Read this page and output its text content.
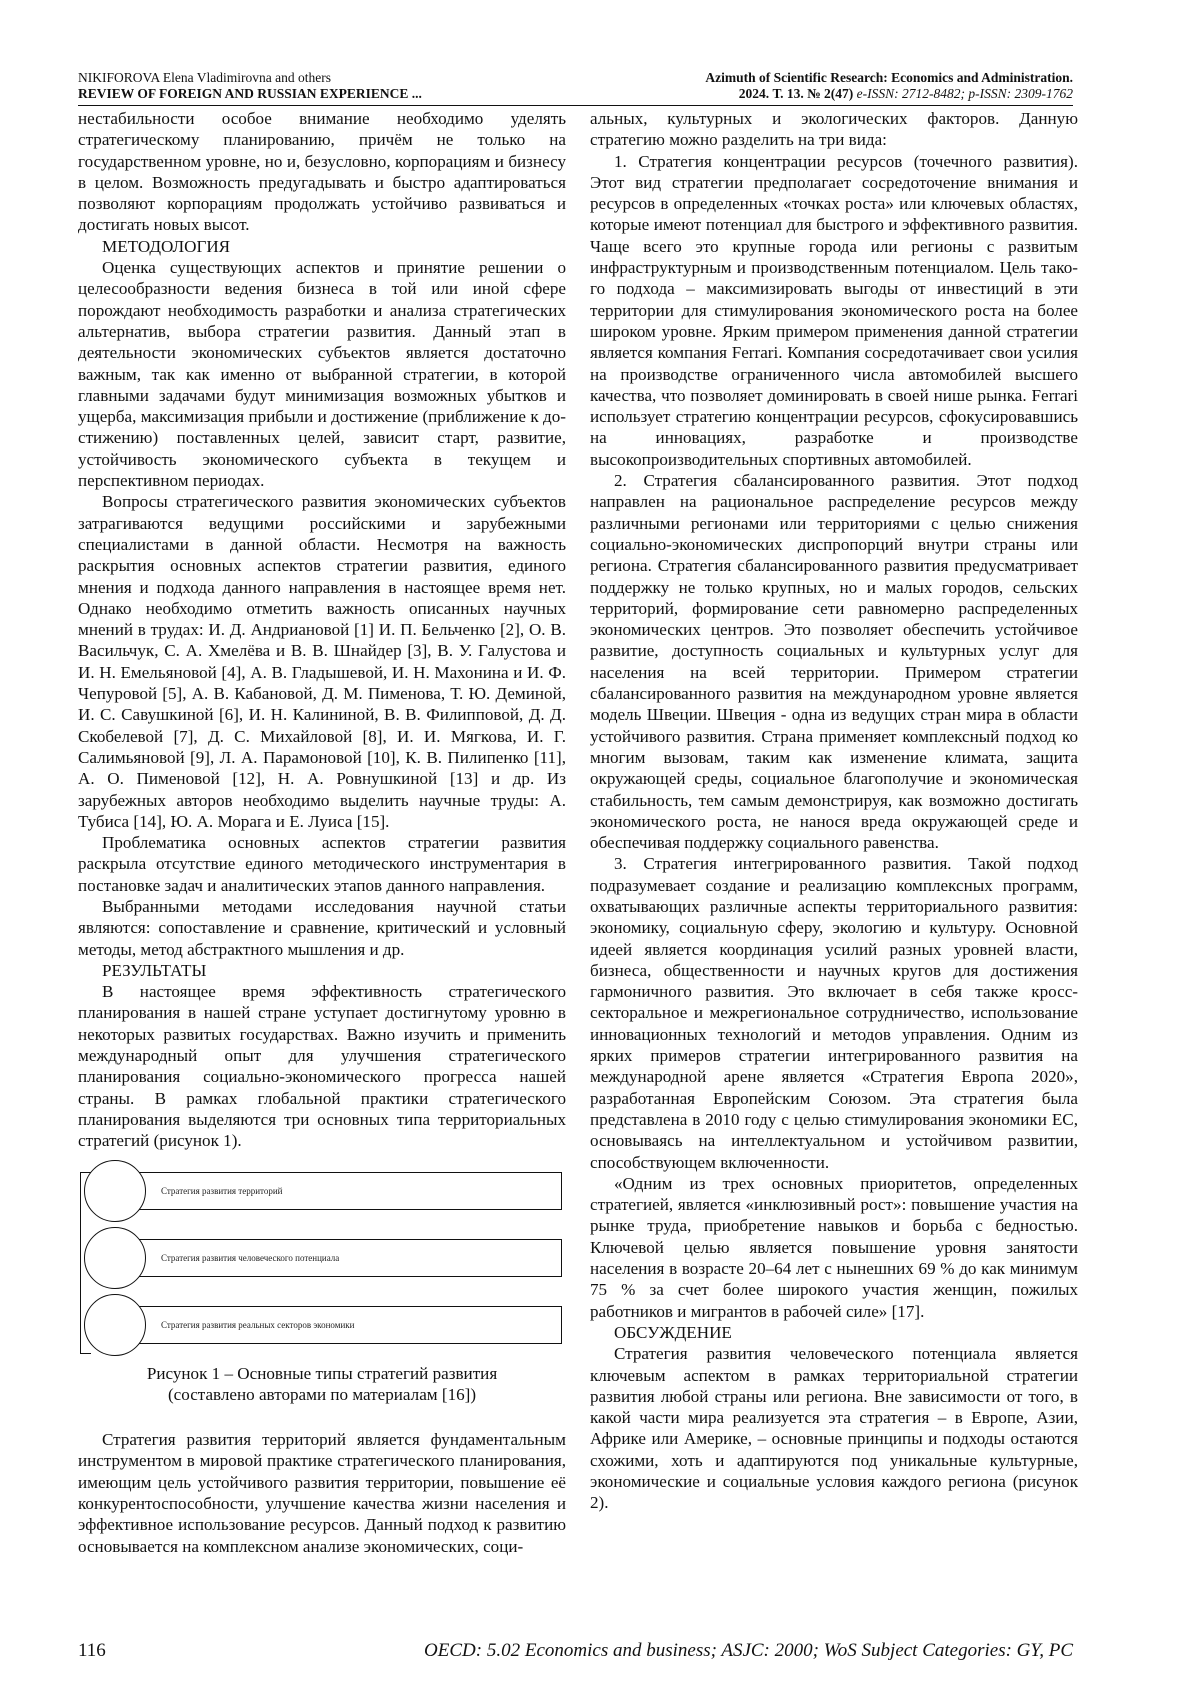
NIKIFOROVA Elena Vladimirovna and others
REVIEW OF FOREIGN AND RUSSIAN EXPERIENCE ...
Azimuth of Scientific Research: Economics and Administration.
2024. Т. 13. № 2(47) e-ISSN: 2712-8482; p-ISSN: 2309-1762

нестабильности особое внимание необходимо уделять стратегическому планированию, причём не только на государственном уровне, но и, безусловно, корпорациям и бизнесу в целом. Возможность предугадывать и быстро адаптироваться позволяют корпорациям продолжать устойчиво развиваться и достигать новых высот.

МЕТОДОЛОГИЯ

Оценка существующих аспектов и принятие решении о целесообразности ведения бизнеса в той или иной сфере порождают необходимость разработки и анализа стратегических альтернатив, выбора стратегии развития. Данный этап в деятельности экономических субъектов является достаточно важным, так как именно от выбранной стратегии, в которой главными задачами будут минимизация возможных убытков и ущерба, максимизация прибыли и достижение (приближение к достижению) поставленных целей, зависит старт, развитие, устойчивость экономического субъекта в текущем и перспективном периодах.

Вопросы стратегического развития экономических субъектов затрагиваются ведущими российскими и зарубежными специалистами в данной области. Несмотря на важность раскрытия основных аспектов стратегии развития, единого мнения и подхода данного направления в настоящее время нет. Однако необходимо отметить важность описанных научных мнений в трудах: И. Д. Андриановой [1] И. П. Бельченко [2], О. В. Васильчук, С. А. Хмелёва и В. В. Шнайдер [3], В. У. Галустова и И. Н. Емельяновой [4], А. В. Гладышевой, И. Н. Махонина и И. Ф. Чепуровой [5], А. В. Кабановой, Д. М. Пименова, Т. Ю. Деминой, И. С. Савушкиной [6], И. Н. Калининой, В. В. Филипповой, Д. Д. Скобелевой [7], Д. С. Михайловой [8], И. И. Мягкова, И. Г. Салимьяновой [9], Л. А. Парамоновой [10], К. В. Пилипенко [11], А. О. Пименовой [12], Н. А. Ровнушкиной [13] и др. Из зарубежных авторов необходимо выделить научные труды: А. Тубиса [14], Ю. А. Морага и Е. Луиса [15].

Проблематика основных аспектов стратегии развития раскрыла отсутствие единого методического инструментария в постановке задач и аналитических этапов данного направления.

Выбранными методами исследования научной статьи являются: сопоставление и сравнение, критический и условный методы, метод абстрактного мышления и др.

РЕЗУЛЬТАТЫ

В настоящее время эффективность стратегического планирования в нашей стране уступает достигнутому уровню в некоторых развитых государствах. Важно изучить и применить международный опыт для улучшения стратегического планирования социально-экономического прогресса нашей страны. В рамках глобальной практики стратегического планирования выделяются три основных типа территориальных стратегий (рисунок 1).

Стратегия развития территорий
Стратегия развития человеческого потенциала
Стратегия развития реальных секторов экономики

Рисунок 1 – Основные типы стратегий развития

(составлено авторами по материалам [16])

Стратегия развития территорий является фундаментальным инструментом в мировой практике стратегического планирования, имеющим цель устойчивого развития территории, повышение её конкурентоспособности, улучшение качества жизни населения и эффективное использование ресурсов. Данный подход к развитию основывается на комплексном анализе экономических, соци-

альных, культурных и экологических факторов. Данную стратегию можно разделить на три вида:

1. Стратегия концентрации ресурсов (точечного развития). Этот вид стратегии предполагает сосредоточение внимания и ресурсов в определенных «точках роста» или ключевых областях, которые имеют потенциал для быстрого и эффективного развития. Чаще всего это крупные города или регионы с развитым инфраструктурным и производственным потенциалом. Цель такого подхода – максимизировать выгоды от инвестиций в эти территории для стимулирования экономического роста на более широком уровне. Ярким примером применения данной стратегии является компания Ferrari. Компания сосредотачивает свои усилия на производстве ограниченного числа автомобилей высшего качества, что позволяет доминировать в своей нише рынка. Ferrari использует стратегию концентрации ресурсов, сфокусировавшись на инновациях, разработке и производстве высокопроизводительных спортивных автомобилей.

2. Стратегия сбалансированного развития. Этот подход направлен на рациональное распределение ресурсов между различными регионами или территориями с целью снижения социально-экономических диспропорций внутри страны или региона. Стратегия сбалансированного развития предусматривает поддержку не только крупных, но и малых городов, сельских территорий, формирование сети равномерно распределенных экономических центров. Это позволяет обеспечить устойчивое развитие, доступность социальных и культурных услуг для населения на всей территории. Примером стратегии сбалансированного развития на международном уровне является модель Швеции. Швеция - одна из ведущих стран мира в области устойчивого развития. Страна применяет комплексный подход ко многим вызовам, таким как изменение климата, защита окружающей среды, социальное благополучие и экономическая стабильность, тем самым демонстрируя, как возможно достигать экономического роста, не нанося вреда окружающей среде и обеспечивая поддержку социального равенства.

3. Стратегия интегрированного развития. Такой подход подразумевает создание и реализацию комплексных программ, охватывающих различные аспекты территориального развития: экономику, социальную сферу, экологию и культуру. Основной идеей является координация усилий разных уровней власти, бизнеса, общественности и научных кругов для достижения гармоничного развития. Это включает в себя также кросс-секторальное и межрегиональное сотрудничество, использование инновационных технологий и методов управления. Одним из ярких примеров стратегии интегрированного развития на международной арене является «Стратегия Европа 2020», разработанная Европейским Союзом. Эта стратегия была представлена в 2010 году с целью стимулирования экономики ЕС, основываясь на интеллектуальном и устойчивом развитии, способствующем включенности.

«Одним из трех основных приоритетов, определенных стратегией, является «инклюзивный рост»: повышение участия на рынке труда, приобретение навыков и борьба с бедностью. Ключевой целью является повышение уровня занятости населения в возрасте 20–64 лет с нынешних 69 % до как минимум 75 % за счет более широкого участия женщин, пожилых работников и мигрантов в рабочей силе» [17].

ОБСУЖДЕНИЕ

Стратегия развития человеческого потенциала является ключевым аспектом в рамках территориальной стратегии развития любой страны или региона. Вне зависимости от того, в какой части мира реализуется эта стратегия – в Европе, Азии, Африке или Америке, – основные принципы и подходы остаются схожими, хоть и адаптируются под уникальные культурные, экономические и социальные условия каждого региона (рисунок 2).

116	OECD: 5.02 Economics and business; ASJC: 2000; WoS Subject Categories: GY, PC
